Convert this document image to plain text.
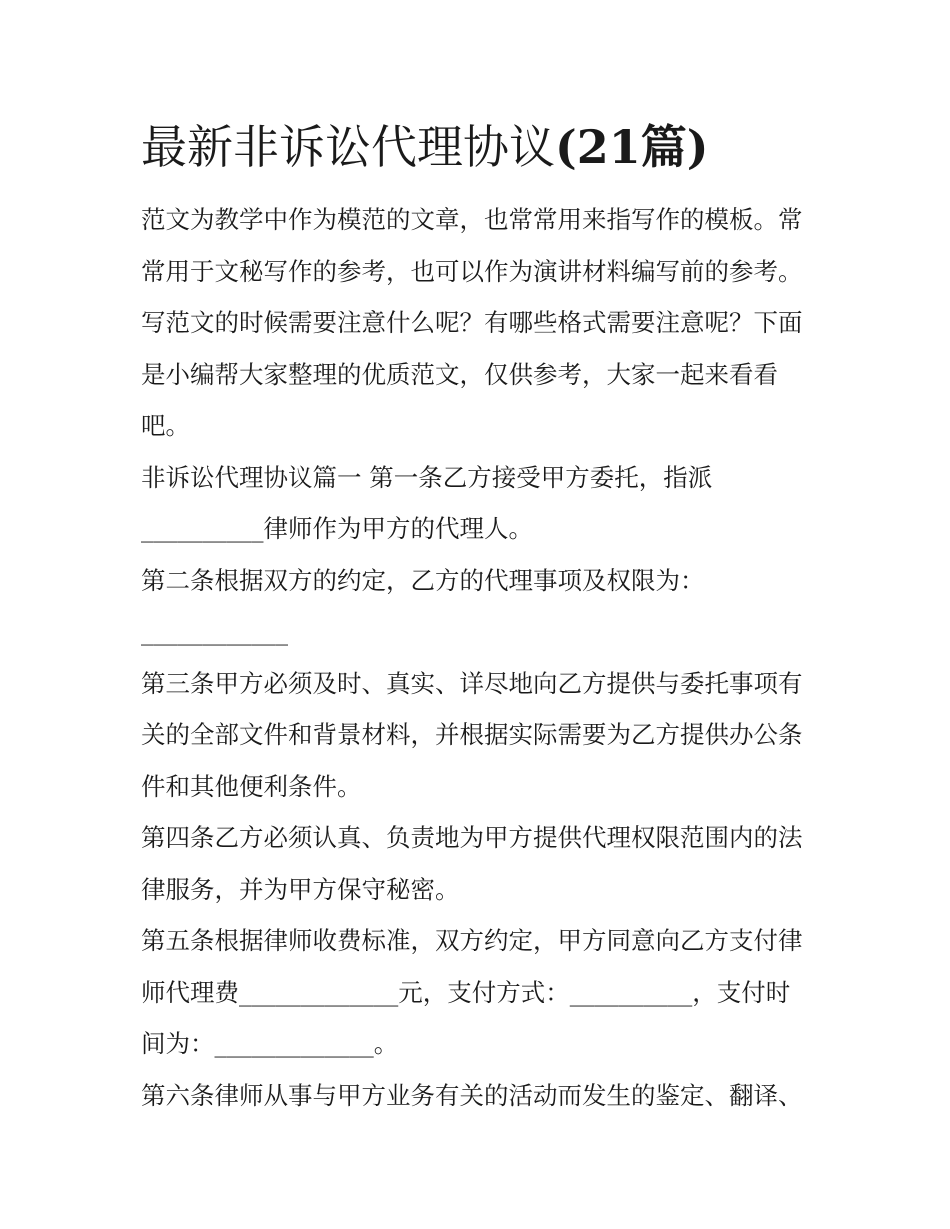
最新非诉讼代理协议(21篇)

范文为教学中作为模范的文章，也常常用来指写作的模板。常
常用于文秘写作的参考，也可以作为演讲材料编写前的参考。
写范文的时候需要注意什么呢？有哪些格式需要注意呢？下面
是小编帮大家整理的优质范文，仅供参考，大家一起来看看
吧。

非诉讼代理协议篇一 第一条乙方接受甲方委托，指派
__________律师作为甲方的代理人。

第二条根据双方的约定，乙方的代理事项及权限为：
____________

第三条甲方必须及时、真实、详尽地向乙方提供与委托事项有
关的全部文件和背景材料，并根据实际需要为乙方提供办公条
件和其他便利条件。

第四条乙方必须认真、负责地为甲方提供代理权限范围内的法
律服务，并为甲方保守秘密。

第五条根据律师收费标准，双方约定，甲方同意向乙方支付律
师代理费_____________元，支付方式：__________，支付时
间为：_____________。

第六条律师从事与甲方业务有关的活动而发生的鉴定、翻译、
